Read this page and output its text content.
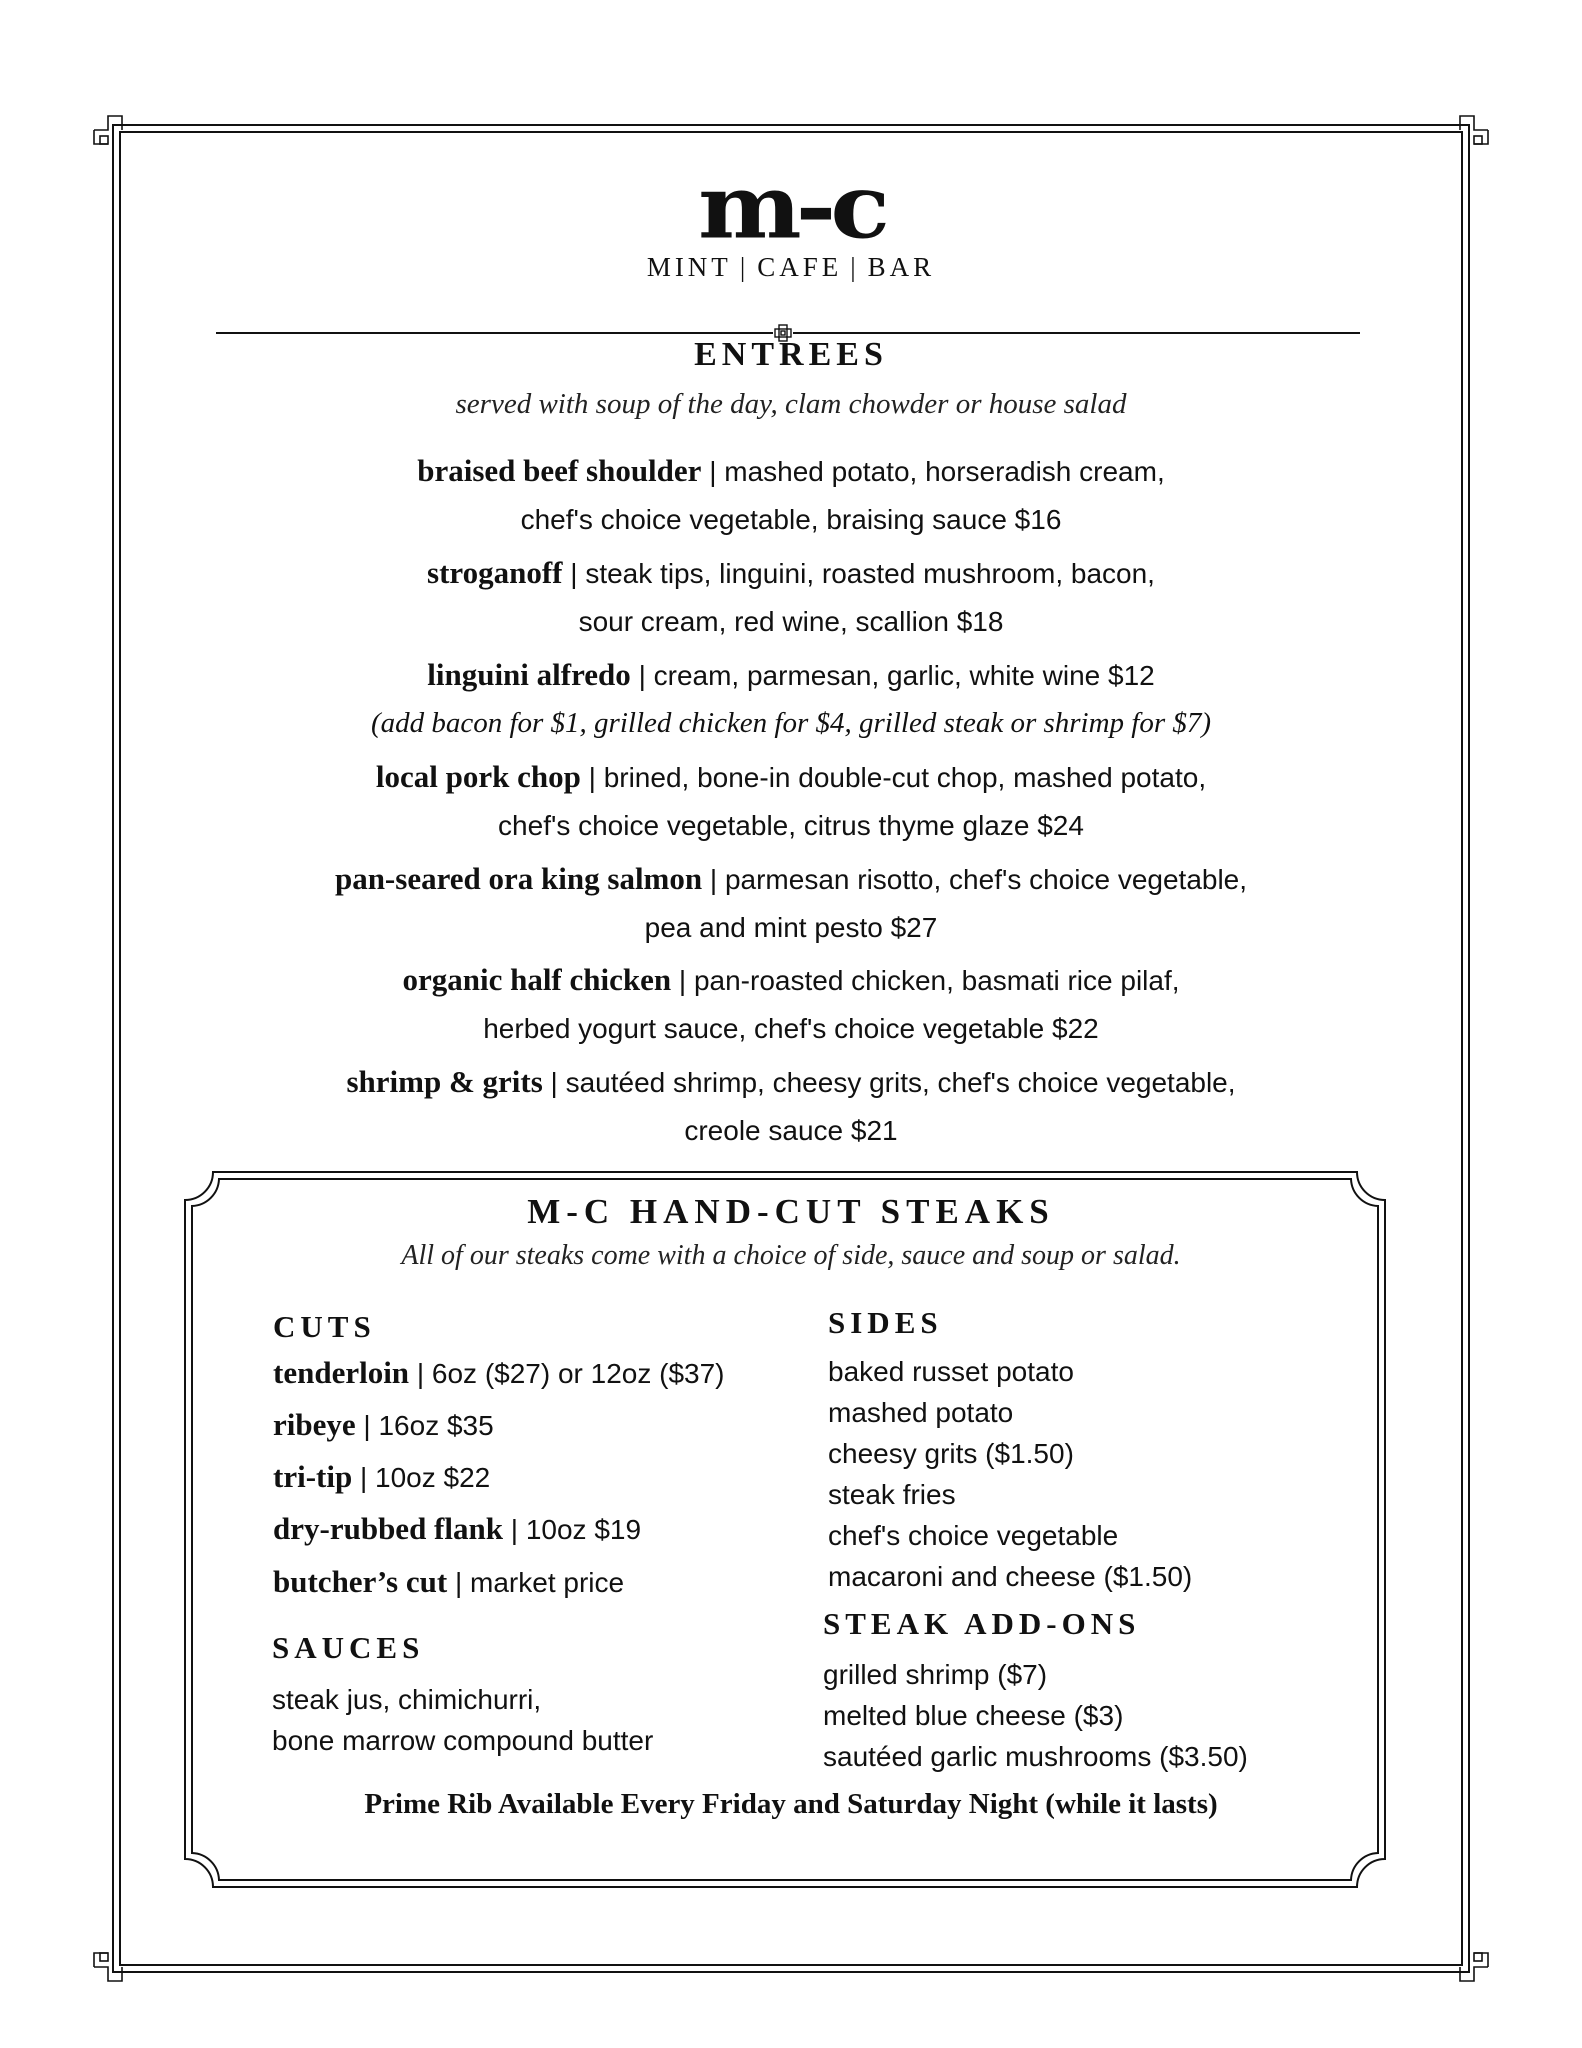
m-c
MINT | CAFE | BAR
ENTREES
served with soup of the day, clam chowder or house salad
braised beef shoulder | mashed potato, horseradish cream,
chef's choice vegetable, braising sauce $16
stroganoff | steak tips, linguini, roasted mushroom, bacon,
sour cream, red wine, scallion $18
linguini alfredo | cream, parmesan, garlic, white wine $12
(add bacon for $1, grilled chicken for $4, grilled steak or shrimp for $7)
local pork chop | brined, bone-in double-cut chop, mashed potato,
chef's choice vegetable, citrus thyme glaze $24
pan-seared ora king salmon | parmesan risotto, chef's choice vegetable,
pea and mint pesto $27
organic half chicken | pan-roasted chicken, basmati rice pilaf,
herbed yogurt sauce, chef's choice vegetable $22
shrimp & grits | sautéed shrimp, cheesy grits, chef's choice vegetable,
creole sauce $21
M-C HAND-CUT STEAKS
All of our steaks come with a choice of side, sauce and soup or salad.
CUTS
tenderloin | 6oz ($27) or 12oz ($37)
ribeye | 16oz $35
tri-tip | 10oz $22
dry-rubbed flank | 10oz $19
butcher’s cut | market price
SAUCES
steak jus, chimichurri,
bone marrow compound butter
SIDES
baked russet potato
mashed potato
cheesy grits ($1.50)
steak fries
chef's choice vegetable
macaroni and cheese ($1.50)
STEAK ADD-ONS
grilled shrimp ($7)
melted blue cheese ($3)
sautéed garlic mushrooms ($3.50)
Prime Rib Available Every Friday and Saturday Night (while it lasts)
